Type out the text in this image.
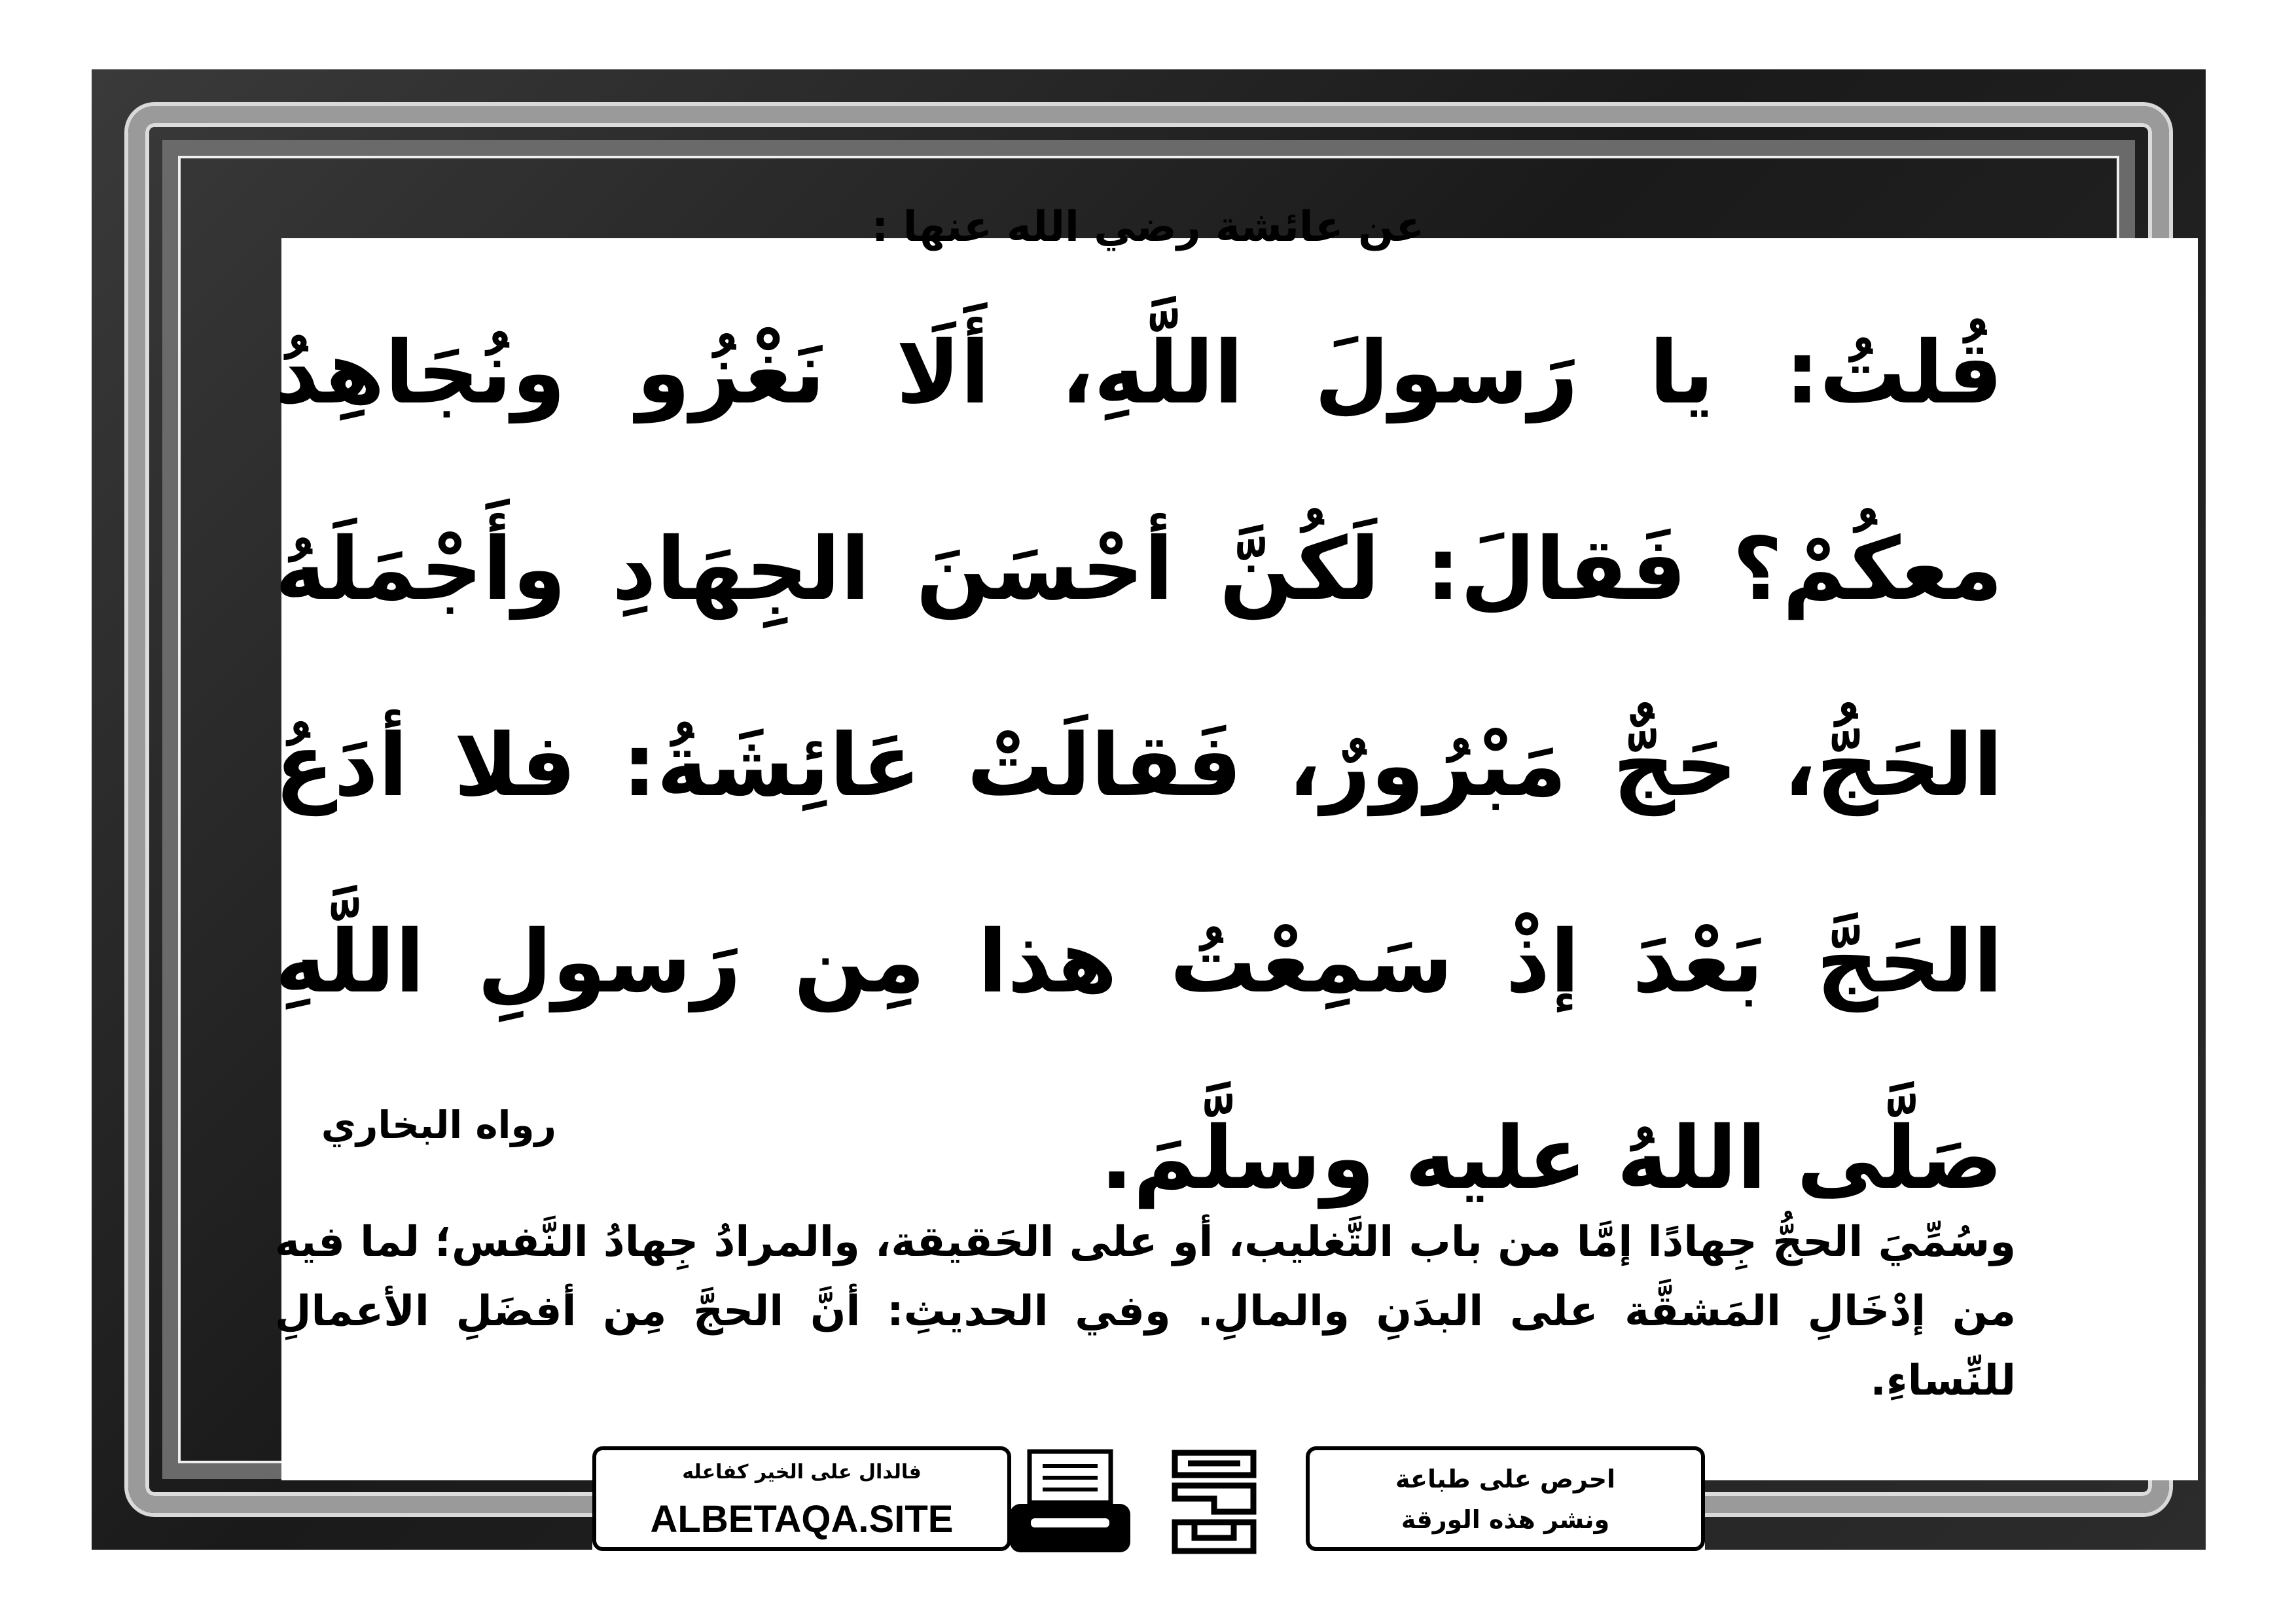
عن عائشة رضي الله عنها :
قُلتُ: يا رَسولَ اللَّهِ، أَلَا نَغْزُو ونُجَاهِدُ معكُمْ؟ فَقالَ: لَكُنَّ أحْسَنَ الجِهَادِ وأَجْمَلَهُ الحَجُّ، حَجٌّ مَبْرُورٌ، فَقالَتْ عَائِشَةُ: فلا أدَعُ الحَجَّ بَعْدَ إذْ سَمِعْتُ هذا مِن رَسولِ اللَّهِ صَلَّى اللهُ عليه وسلَّمَ.
رواه البخاري
وسُمِّيَ الحجُّ جِهادًا إمَّا من باب التَّغليب، أو على الحَقيقة، والمرادُ جِهادُ النَّفس؛ لما فيه من إدْخَالِ المَشقَّة على البدَنِ والمالِ. وفي الحديثِ: أنَّ الحجَّ مِن أفضَلِ الأعمالِ للنِّساءِ.
فالدال على الخير كفاعله
ALBETAQA.SITE
احرص على طباعة
ونشر هذه الورقة
